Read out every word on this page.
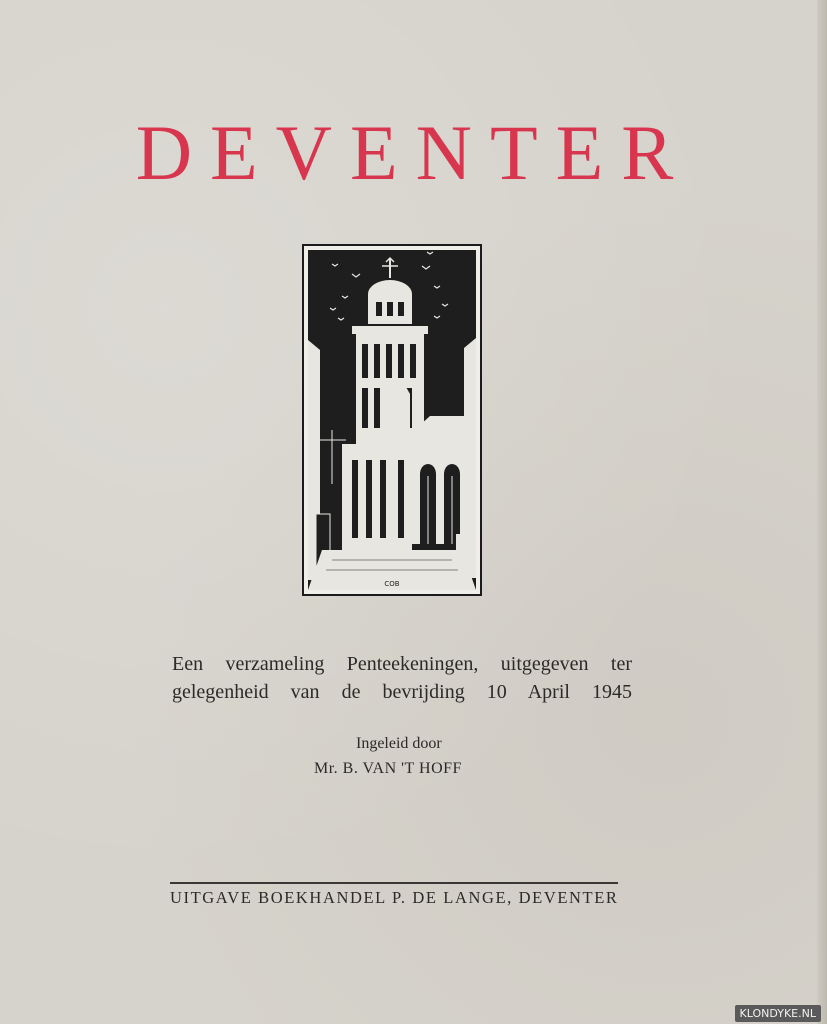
DEVENTER
COB
Een verzameling Penteekeningen, uitgegeven ter
gelegenheid van de bevrijding 10 April 1945
Ingeleid door
Mr. B. VAN 'T HOFF
UITGAVE BOEKHANDEL P. DE LANGE, DEVENTER
KLONDYKE.NL
